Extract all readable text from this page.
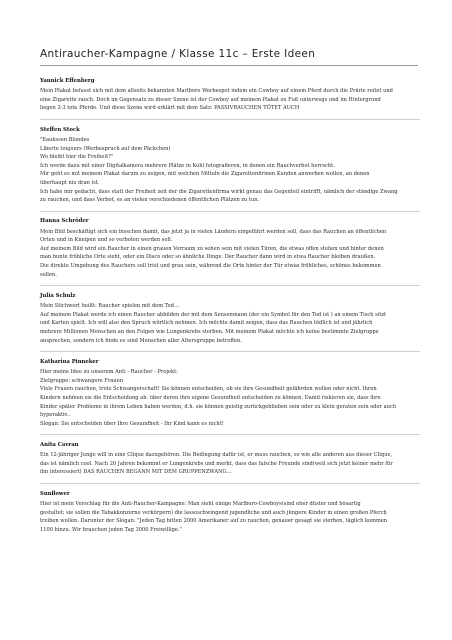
Antiraucher-Kampagne / Klasse 11c – Erste Ideen
Yannick Effenberg
Mein Plakat befasst sich mit dem allseits bekannten Marlboro Werbespot indem ein Cowboy auf einem Pferd durch die Prärie reitet und
eine Zigarette rauch. Doch im Gegensatz zu dieser Szene ist der Cowboy auf meinem Plakat zu Fuß unterwegs und im Hintergrund
liegen 2-3 tote Pferde. Und diese Szene wird erklärt mit dem Satz: PASSIVRAUCHEN TÖTET AUCH
Steffen Stock
"Eaukssen Blondes
Liberte toujours (Werbespruch auf dem Päckchen)
Wo bleibt hier die Freiheit?"
Ich werde dazu mit einer Digitalkamera mehrere Plätze in Kohl fotografieren, in denen ein Rauchverbot herrscht.
Mir geht es mit meinem Plakat darum zu zeigen, mit welchen Mitteln die Zigarettenfirmen Kunden anwerben wollen, an denen
überhaupt nix dran ist.
Ich habe mir gedacht, dass statt der Freiheit zeit der die Zigarettenfirma wirkt genau das Gegenteil eintrifft, nämlich der ständige Zwang
zu rauchen, und dass Verbot, es an vielen verschiedenen öffentlichen Plätzen zu tun.
Hanna Schröder
Mein Bild beschäftigt sich ein bisschen damit, das jetzt ja in vielen Ländern eingeführt werden soll, dass das Rauchen an öffentlichen
Orten und in Kneipen und so verboten werden soll.
Auf meinem Bild wird ein Raucher in einen grauen Vorraum zu sehen sein mit vielen Türen, die etwas offen stehen und hinter denen
man bunte fröhliche Orte sieht, oder ein Disco oder so ähnliche Dinge. Der Raucher dann wird in etwa Raucher bleiben draußen.
Die direkte Umgebung des Rauchers soll trist und grau sein, während die Orte hinter der Tür etwas fröhliches, schönes bekommen
sollen.
Julia Schulz
Mein Stichwort heißt: Raucher spielen mit dem Tod…
Auf meinem Plakat werde ich einen Raucher abbilden der mit dem Sensenmann (der ein Symbol für den Tod ist ) an einem Tisch sitzt
und Karten spielt. Ich will also den Spruch wörtlich nehmen. Ich möchte damit zeigen, dass das Rauchen tödlich ist und jährlich
mehrere Millionen Menschen an den Folgen wie Lungenkrebs sterben. Mit meinem Plakat möchte ich keine bestimmte Zielgruppe
ansprechen, sondern ich finde es sind Menschen aller Altersgruppe betroffen.
Katharina Pinneker
Hier meine Idee zu unserem Anti - Raucher - Projekt:
Zielgruppe: schwangere Frauen
Viele Frauen rauchen, trotz Schwangerschaft! Sie können entscheiden, ob sie ihre Gesundheit gefährden wollen oder nicht. Ihren
Kindern nehmen sie die Entscheidung ab. über deren ihre eigene Gesundheit entscheiden zu können. Damit riskieren sie, dass ihre
Kinder später Probleme in ihrem Leben haben werden, d.h. sie können geistig zurückgeblieben sein oder zu klein geraten sein oder auch
hyperaktiv..
Slogan: Sie entscheiden über Ihre Gesundheit - Ihr Kind kann es nicht!
Anita Cavran
Ein 12-jähriger Junge will in eine Clique dazugehören. Die Bedingung dafür ist, er muss rauchen, so wie alle anderen aus dieser Clique,
das ist nämlich cool. Nach 20 Jahren bekommt er Lungenkrebs und merkt, dass das falsche Freunde sind(weil sich jetzt keiner mehr für
ihn interessiert) DAS RAUCHEN BEGANN MIT DEM GRUPPENZWANG…
Sunflower
Hier ist mein Vorschlag für die Anti-Raucher-Kampagne: Man sieht einige Marlboro-Cowboys(sind eher düster und bösartig
gestaltet; sie sollen die Tabakkonzerne verkörpern) die lassoschwingend jugendliche und auch jüngere Kinder in einen großen Pferch
treiben wollen. Darunter der Slogan: "Jeden Tag bitten 2000 Amerikaner auf zu rauchen, genauer gesagt sie sterben, täglich kommen
1100 hinzu. Wir brauchen jeden Tag 3000 Freiwillige."
